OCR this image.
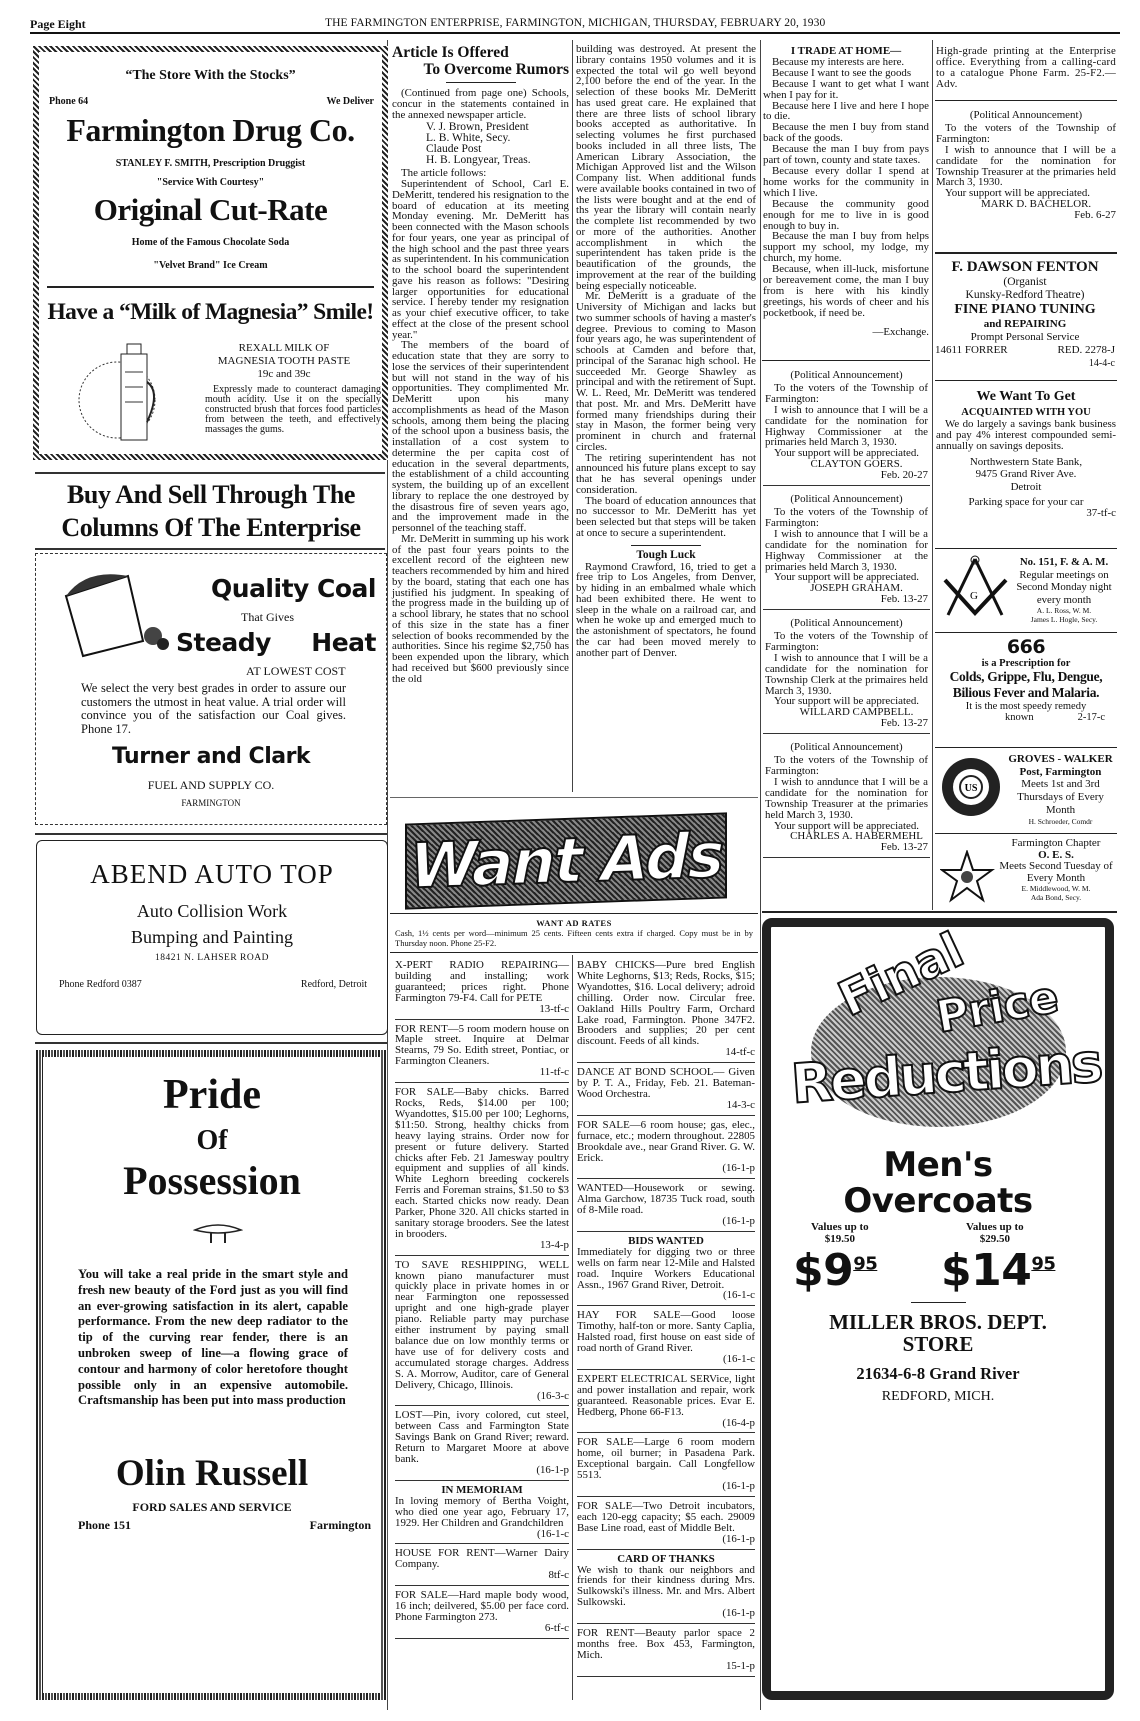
Page Eight	THE FARMINGTON ENTERPRISE, FARMINGTON, MICHIGAN, THURSDAY, FEBRUARY 20, 1930
“The Store With the Stocks”
Phone 64	We Deliver
Farmington Drug Co.
STANLEY F. SMITH, Prescription Druggist
"Service With Courtesy"
Original Cut-Rate
Home of the Famous Chocolate Soda
"Velvet Brand" Ice Cream
Have a “Milk of Magnesia” Smile!
REXALL MILK OF
MAGNESIA TOOTH PASTE
19c and 39c
Expressly made to counteract damaging mouth acidity. Use it on the specially constructed brush that forces food particles from between the teeth, and effectively massages the gums.
Buy And Sell Through The
Columns Of The Enterprise
Quality Coal
That Gives
Steady Heat
AT LOWEST COST
We select the very best grades in order to assure our customers the utmost in heat value. A trial order will convince you of the satisfaction our Coal gives. Phone 17.
Turner and Clark
FUEL AND SUPPLY CO.
FARMINGTON
ABEND AUTO TOP
Auto Collision Work
Bumping and Painting
18421 N. LAHSER ROAD
Phone Redford 0387	Redford, Detroit
Pride
Of
Possession
You will take a real pride in the smart style and fresh new beauty of the Ford just as you will find an ever-growing satisfaction in its alert, capable performance. From the new deep radiator to the tip of the curving rear fender, there is an unbroken sweep of line—a flowing grace of contour and harmony of color heretofore thought possible only in an expensive automobile. Craftsmanship has been put into mass production
Olin Russell
FORD SALES AND SERVICE
Phone 151	Farmington
Article Is Offered
To Overcome Rumors

(Continued from page one) Schools, concur in the statements contained in the annexed newspaper article.

V. J. Brown, President
L. B. White, Secy.
Claude Post
H. B. Longyear, Treas.

The article follows:

Superintendent of School, Carl E. DeMeritt, tendered his resignation to the board of education at its meeting Monday evening. Mr. DeMeritt has been connected with the Mason schools for four years, one year as principal of the high school and the past three years as superintendent. In his communication to the school board the superintendent gave his reason as follows: "Desiring larger opportunities for educational service. I hereby tender my resignation as your chief executive officer, to take effect at the close of the present school year."

The members of the board of education state that they are sorry to lose the services of their superintendent but will not stand in the way of his opportunities. They complimented Mr. DeMeritt upon his many accomplishments as head of the Mason schools, among them being the placing of the school upon a business basis, the installation of a cost system to determine the per capita cost of education in the several departments, the establishment of a child accounting system, the building up of an excellent library to replace the one destroyed by the disastrous fire of seven years ago, and the improvement made in the personnel of the teaching staff.

Mr. DeMeritt in summing up his work of the past four years points to the excellent record of the eighteen new teachers recommended by him and hired by the board, stating that each one has justified his judgment. In speaking of the progress made in the building up of a school library, he states that no school of this size in the state has a finer selection of books recommended by the authorities. Since his regime $2,750 has been expended upon the library, which had received but $600 previously since the old

building was destroyed. At present the library contains 1950 volumes and it is expected the total wil go well beyond 2,100 before the end of the year. In the selection of these books Mr. DeMeritt has used great care. He explained that there are three lists of school library books accepted as authoritative. In selecting volumes he first purchased books included in all three lists, The American Library Association, the Michigan Approved list and the Wilson Company list. When additional funds were available books contained in two of the lists were bought and at the end of ths year the library will contain nearly the complete list recommended by two or more of the authorities. Another accomplishment in which the superintendent has taken pride is the beautification of the grounds, the improvement at the rear of the building being especially noticeable.

Mr. DeMeritt is a graduate of the University of Michigan and lacks but two summer schools of having a master's degree. Previous to coming to Mason four years ago, he was superintendent of schools at Camden and before that, principal of the Saranac high school. He succeeded Mr. George Shawley as principal and with the retirement of Supt. W. L. Reed, Mr. DeMeritt was tendered that post. Mr. and Mrs. DeMeritt have formed many friendships during their stay in Mason, the former being very prominent in church and fraternal circles.

The retiring superintendent has not announced his future plans except to say that he has several openings under consideration.

The board of education announces that no successor to Mr. DeMeritt has yet been selected but that steps will be taken at once to secure a superintendent.

Tough Luck

Raymond Crawford, 16, tried to get a free trip to Los Angeles, from Denver, by hiding in an embalmed whale which had been exhibited there. He went to sleep in the whale on a railroad car, and when he woke up and emerged much to the astonishment of spectators, he found the car had been moved merely to another part of Denver.

Want Ads
WANT AD RATES
Cash, 1½ cents per word—minimum 25 cents. Fifteen cents extra if charged. Copy must be in by Thursday noon. Phone 25-F2.
X-PERT RADIO REPAIRING— building and installing; work guaranteed; prices right. Phone Farmington 79-F4. Call for PETE
13-tf-c
FOR RENT—5 room modern house on Maple street. Inquire at Delmar Stearns, 79 So. Edith street, Pontiac, or Farmington Cleaners.
11-tf-c
FOR SALE—Baby chicks. Barred Rocks, Reds, $14.00 per 100; Wyandottes, $15.00 per 100; Leghorns, $11:50. Strong, healthy chicks from heavy laying strains. Order now for present or future delivery. Started chicks after Feb. 21 Jamesway poultry equipment and supplies of all kinds. White Leghorn breeding cockerels Ferris and Foreman strains, $1.50 to $3 each. Started chicks now ready. Dean Parker, Phone 320. All chicks started in sanitary storage brooders. See the latest in brooders.
13-4-p
TO SAVE RESHIPPING, WELL known piano manufacturer must quickly place in private homes in or near Farmington one repossessed upright and one high-grade player piano. Reliable party may purchase either instrument by paying small balance due on low monthly terms or have use of for delivery costs and accumulated storage charges. Address S. A. Morrow, Auditor, care of General Delivery, Chicago, Illinois.
(16-3-c
LOST—Pin, ivory colored, cut steel, between Cass and Farmington State Savings Bank on Grand River; reward. Return to Margaret Moore at above bank.
(16-1-p
IN MEMORIAM
In loving memory of Bertha Voight, who died one year ago, February 17, 1929. Her Children and Grandchildren
(16-1-c
HOUSE FOR RENT—Warner Dairy Company.
8tf-c
FOR SALE—Hard maple body wood, 16 inch; deilvered, $5.00 per face cord. Phone Farmington 273.
6-tf-c
BABY CHICKS—Pure bred English White Leghorns, $13; Reds, Rocks, $15; Wyandottes, $16. Local delivery; adroid chilling. Order now. Circular free. Oakland Hills Poultry Farm, Orchard Lake road, Farmington. Phone 347F2. Brooders and supplies; 20 per cent discount. Feeds of all kinds.
14-tf-c
DANCE AT BOND SCHOOL— Given by P. T. A., Friday, Feb. 21. Bateman-Wood Orchestra.
14-3-c
FOR SALE—6 room house; gas, elec., furnace, etc.; modern throughout. 22805 Brookdale ave., near Grand River. G. W. Erick.
(16-1-p
WANTED—Housework or sewing. Alma Garchow, 18735 Tuck road, south of 8-Mile road.
(16-1-p
BIDS WANTED
Immediately for digging two or three wells on farm near 12-Mile and Halsted road. Inquire Workers Educational Assn., 1967 Grand River, Detroit.
(16-1-c
HAY FOR SALE—Good loose Timothy, half-ton or more. Santy Caplia, Halsted road, first house on east side of road north of Grand River.
(16-1-c
EXPERT ELECTRICAL SERVice, light and power installation and repair, work guaranteed. Reasonable prices. Evar E. Hedberg, Phone 66-F13.
(16-4-p
FOR SALE—Large 6 room modern home, oil burner; in Pasadena Park. Exceptional bargain. Call Longfellow 5513.
(16-1-p
FOR SALE—Two Detroit incubators, each 120-egg capacity; $5 each. 29009 Base Line road, east of Middle Belt.
(16-1-p
CARD OF THANKS
We wish to thank our neighbors and friends for their kindness during Mrs. Sulkowski's illness. Mr. and Mrs. Albert Sulkowski.
(16-1-p
FOR RENT—Beauty parlor space 2 months free. Box 453, Farmington, Mich.
15-1-p
I TRADE AT HOME—

Because my interests are here.

Because I want to see the goods

Because I want to get what I want when I pay for it.

Because here I live and here I hope to die.

Because the men I buy from stand back of the goods.

Because the man I buy from pays part of town, county and state taxes.

Because every dollar I spend at home works for the community in which I live.

Because the community good enough for me to live in is good enough to buy in.

Because the man I buy from helps support my school, my lodge, my church, my home.

Because, when ill-luck, misfortune or bereavement come, the man I buy from is here with his kindly greetings, his words of cheer and his pocketbook, if need be.

—Exchange.
(Political Announcement)

To the voters of the Township of Farmington:

I wish to announce that I will be a candidate for the nomination for Highway Commissioner at the primaries held March 3, 1930.

Your support will be appreciated.

CLAYTON GOERS.
Feb. 20-27
(Political Announcement)

To the voters of the Township of Farmington:

I wish to announce that I will be a candidate for the nomination for Highway Commissioner at the primaries held March 3, 1930.

Your support will be appreciated.

JOSEPH GRAHAM.
Feb. 13-27
(Political Announcement)

To the voters of the Township of Farmington:

I wish to announce that I will be a candidate for the nomination for Township Clerk at the primaires held March 3, 1930.

Your support will be appreciated.

WILLARD CAMPBELL.
Feb. 13-27
(Political Announcement)

To the voters of the Township of Farmington:

I wish to anndunce that I will be a candidate for the nomination for Township Treasurer at the primaries held March 3, 1930.

Your support will be appreciated.

CHARLES A. HABERMEHL
Feb. 13-27
High-grade printing at the Enterprise office. Everything from a calling-card to a catalogue Phone Farm. 25-F2.—Adv.
(Political Announcement)

To the voters of the Township of Farmington:

I wish to announce that I will be a candidate for the nomination for Township Treasurer at the primaries held March 3, 1930.

Your support will be appreciated.

MARK D. BACHELOR.
Feb. 6-27
F. DAWSON FENTON
(Organist
Kunsky-Redford Theatre)
FINE PIANO TUNING
and REPAIRING
Prompt Personal Service
14611 FORRER	RED. 2278-J
14-4-c
We Want To Get
ACQUAINTED WITH YOU

We do largely a savings bank business and pay 4% interest compounded semi-annually on savings deposits.

Northwestern State Bank,
9475 Grand River Ave.
Detroit
Parking space for your car
37-tf-c
G
No. 151, F. & A. M.
Regular meetings on Second Monday night every month
A. L. Ross, W. M.
James L. Hogle, Secy.
666
is a Prescription for
Colds, Grippe, Flu, Dengue,
Bilious Fever and Malaria.
It is the most speedy remedy
known	2-17-c
US
GROVES - WALKER
Post, Farmington
Meets 1st and 3rd Thursdays of Every Month
H. Schroeder, Comdr
Farmington Chapter
O. E. S.
Meets Second Tuesday of Every Month
E. Middlewood, W. M.
Ada Bond, Secy.
Final
Price
Reductions
Men's
Overcoats
Values up to
$19.50
Values up to
$29.50
$\$9^{95}$ $\$14^{95}$
MILLER BROS. DEPT.
STORE
21634-6-8 Grand River
REDFORD, MICH.
